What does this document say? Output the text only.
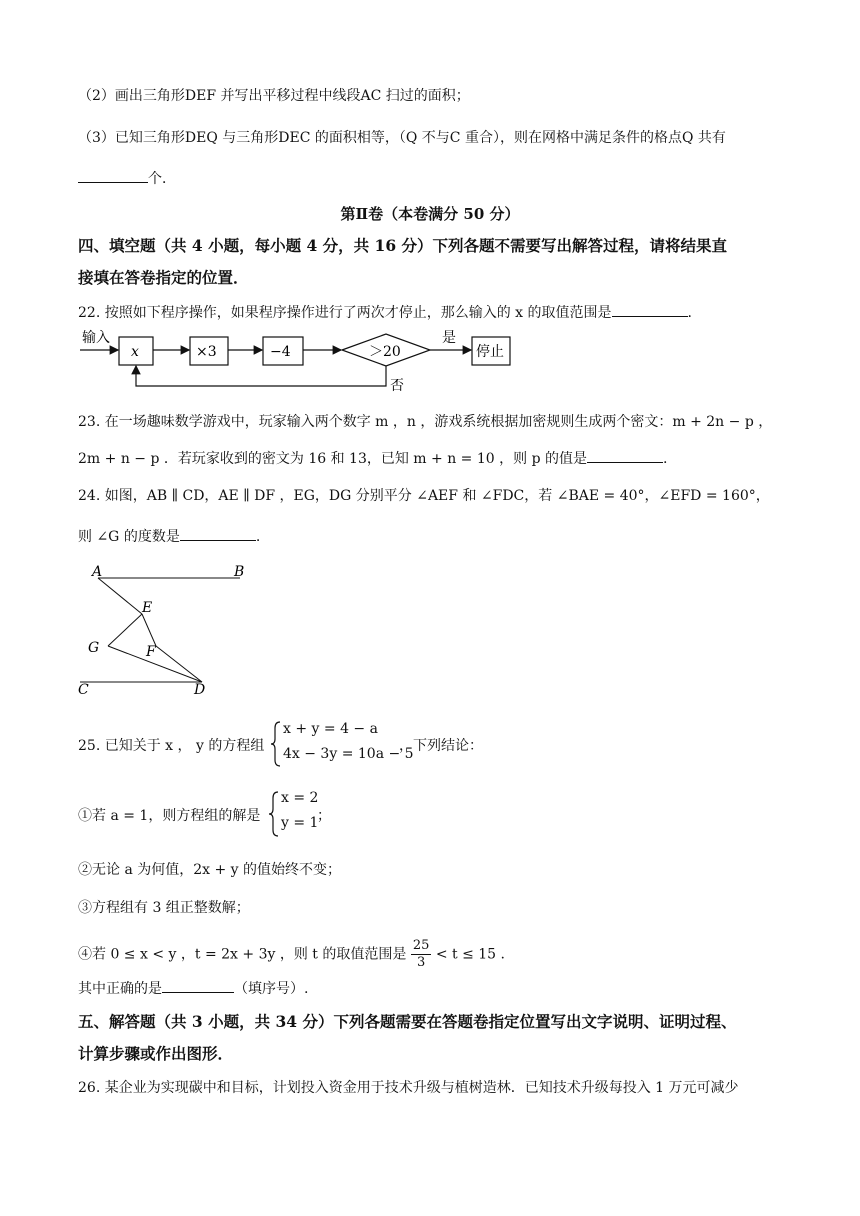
（2）画出三角形DEF 并写出平移过程中线段AC 扫过的面积；
（3）已知三角形DEQ 与三角形DEC 的面积相等，（Q 不与C 重合），则在网格中满足条件的格点Q 共有
个．
第Ⅱ卷（本卷满分 50 分）
四、填空题（共 4 小题，每小题 4 分，共 16 分）下列各题不需要写出解答过程，请将结果直
接填在答卷指定的位置．
22. 按照如下程序操作，如果程序操作进行了两次才停止，那么输入的 x 的取值范围是	.
输入
x	×3	−4	＞20
是
停止
否
23. 在一场趣味数学游戏中，玩家输入两个数字 m ，n ，游戏系统根据加密规则生成两个密文：m + 2n − p ，
2m + n − p ．若玩家收到的密文为 16 和 13，已知 m + n = 10 ，则 p 的值是	.
24. 如图，AB ∥ CD，AE ∥ DF ，EG，DG 分别平分 ∠AEF 和 ∠FDC，若 ∠BAE = 40°，∠EFD = 160°，
则 ∠G 的度数是	.
A	B
E
G	F
C	D
25. 已知关于 x ， y 的方程组
x + y = 4 − a
4x − 3y = 10a − 5
，下列结论：
①若 a = 1，则方程组的解是
x = 2
y = 1
；
②无论 a 为何值，2x + y 的值始终不变；
③方程组有 3 组正整数解；
④若 0 ≤ x < y ，t = 2x + 3y ，则 t 的取值范围是 $\frac{25}{3} < t \le 15$ .
其中正确的是	（填序号）.
五、解答题（共 3 小题，共 34 分）下列各题需要在答题卷指定位置写出文字说明、证明过程、
计算步骤或作出图形．
26. 某企业为实现碳中和目标，计划投入资金用于技术升级与植树造林．已知技术升级每投入 1 万元可减少
